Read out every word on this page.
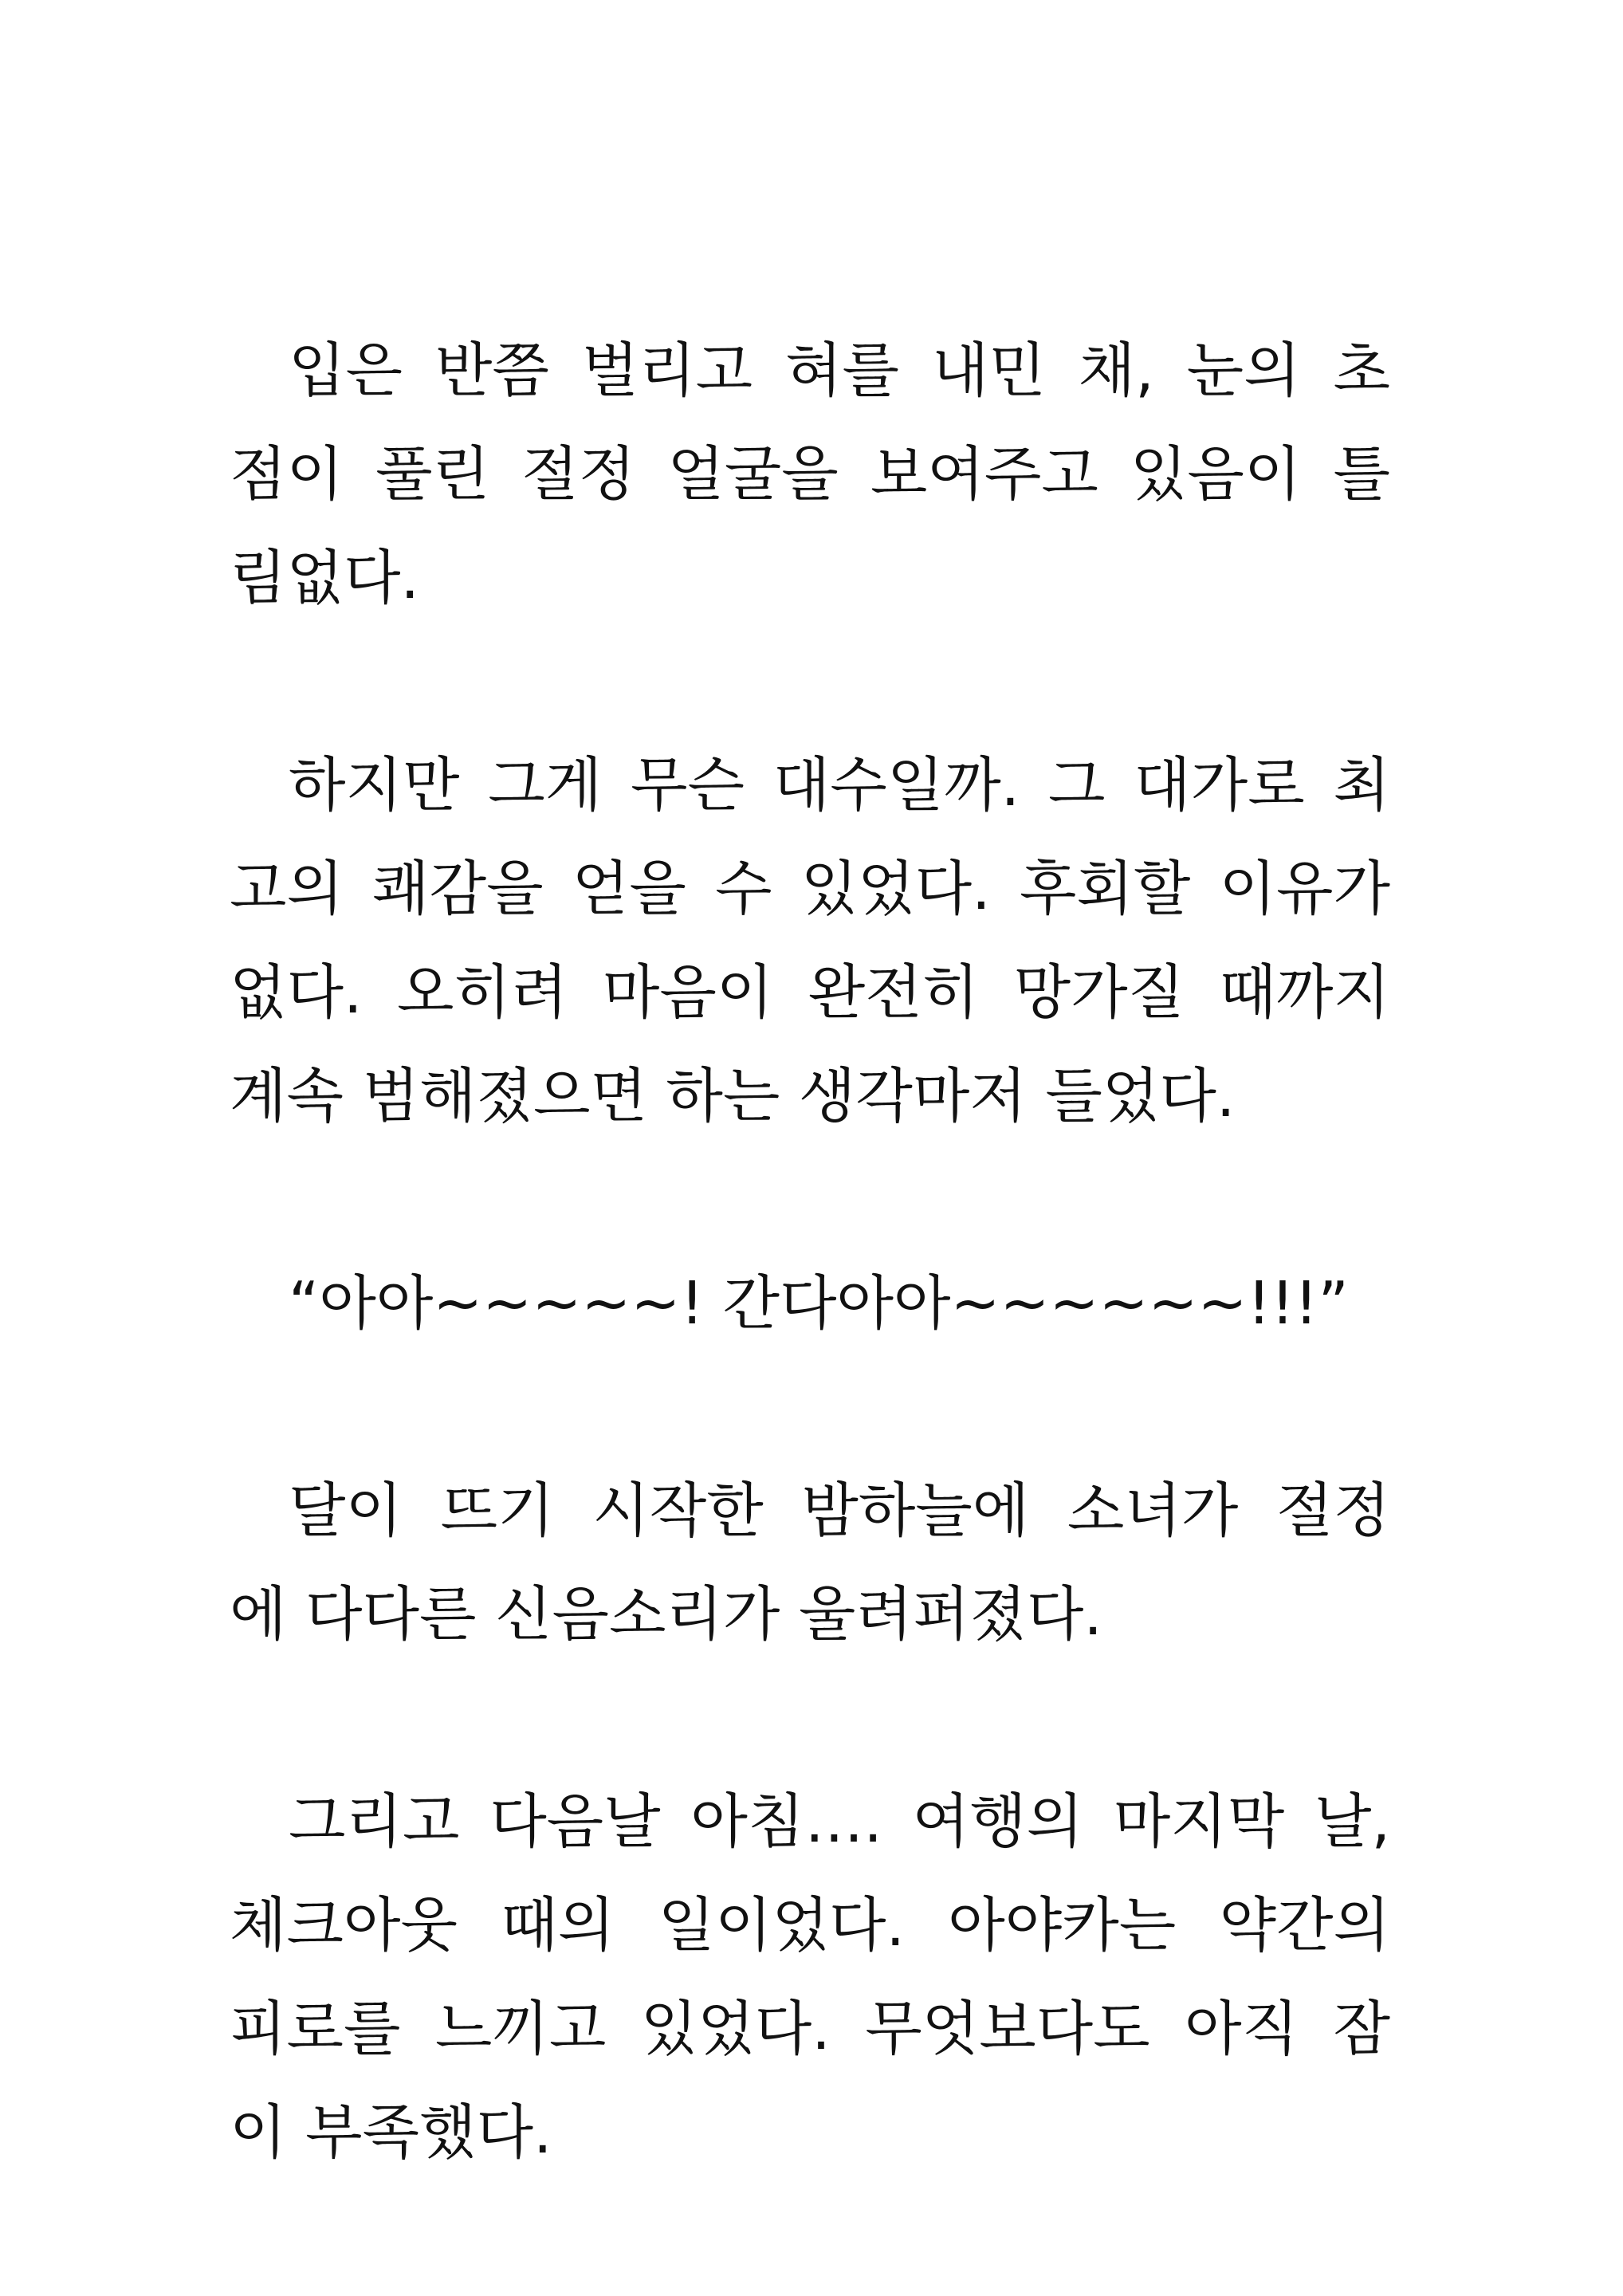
입은 반쯤 벌리고 혀를 내민 채, 눈의 초
점이 풀린 절정 얼굴을 보여주고 있음이 틀
림없다.
하지만 그게 무슨 대수일까. 그 대가로 최
고의 쾌감을 얻을 수 있었다. 후회할 이유가
없다. 오히려 마음이 완전히 망가질 때까지
계속 범해졌으면 하는 생각마저 들었다.
“아아~~~~~! 간다아아~~~~~~!!!”
달이 뜨기 시작한 밤하늘에 소녀가 절정
에 다다른 신음소리가 울려퍼졌다.
그리고 다음날 아침…. 여행의 마지막 날,
체크아웃 때의 일이었다. 아야카는 약간의
피로를 느끼고 있었다. 무엇보다도 아직 잠
이 부족했다.
